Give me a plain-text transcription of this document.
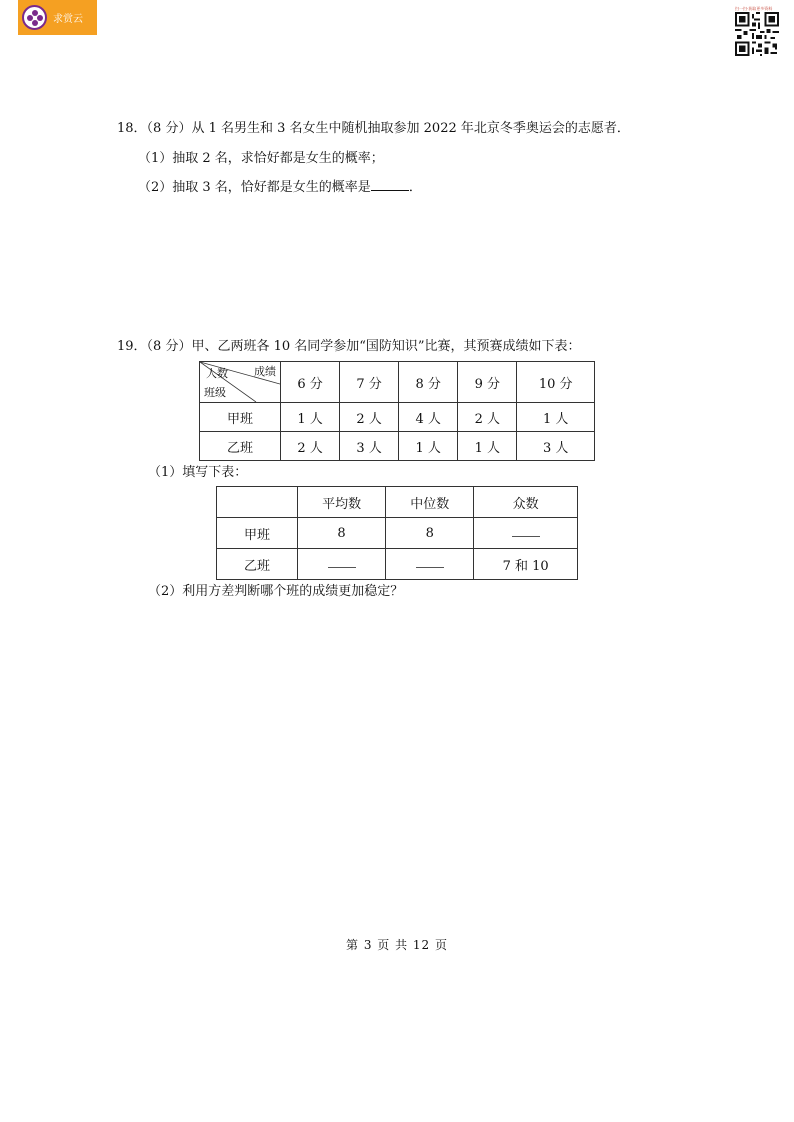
求赏云
扫一扫·获取更多资料
18．（8 分）从 1 名男生和 3 名女生中随机抽取参加 2022 年北京冬季奥运会的志愿者．
（1）抽取 2 名，求恰好都是女生的概率；
（2）抽取 3 名，恰好都是女生的概率是	．
19．（8 分）甲、乙两班各 10 名同学参加“国防知识”比赛，其预赛成绩如下表：
人数 成绩
班级	6 分	7 分	8 分	9 分	10 分
甲班	1 人	2 人	4 人	2 人	1 人
乙班	2 人	3 人	1 人	1 人	3 人
（1）填写下表：
	平均数	中位数	众数
甲班	8	8	
乙班			7 和 10
（2）利用方差判断哪个班的成绩更加稳定？
第 3 页 共 12 页
